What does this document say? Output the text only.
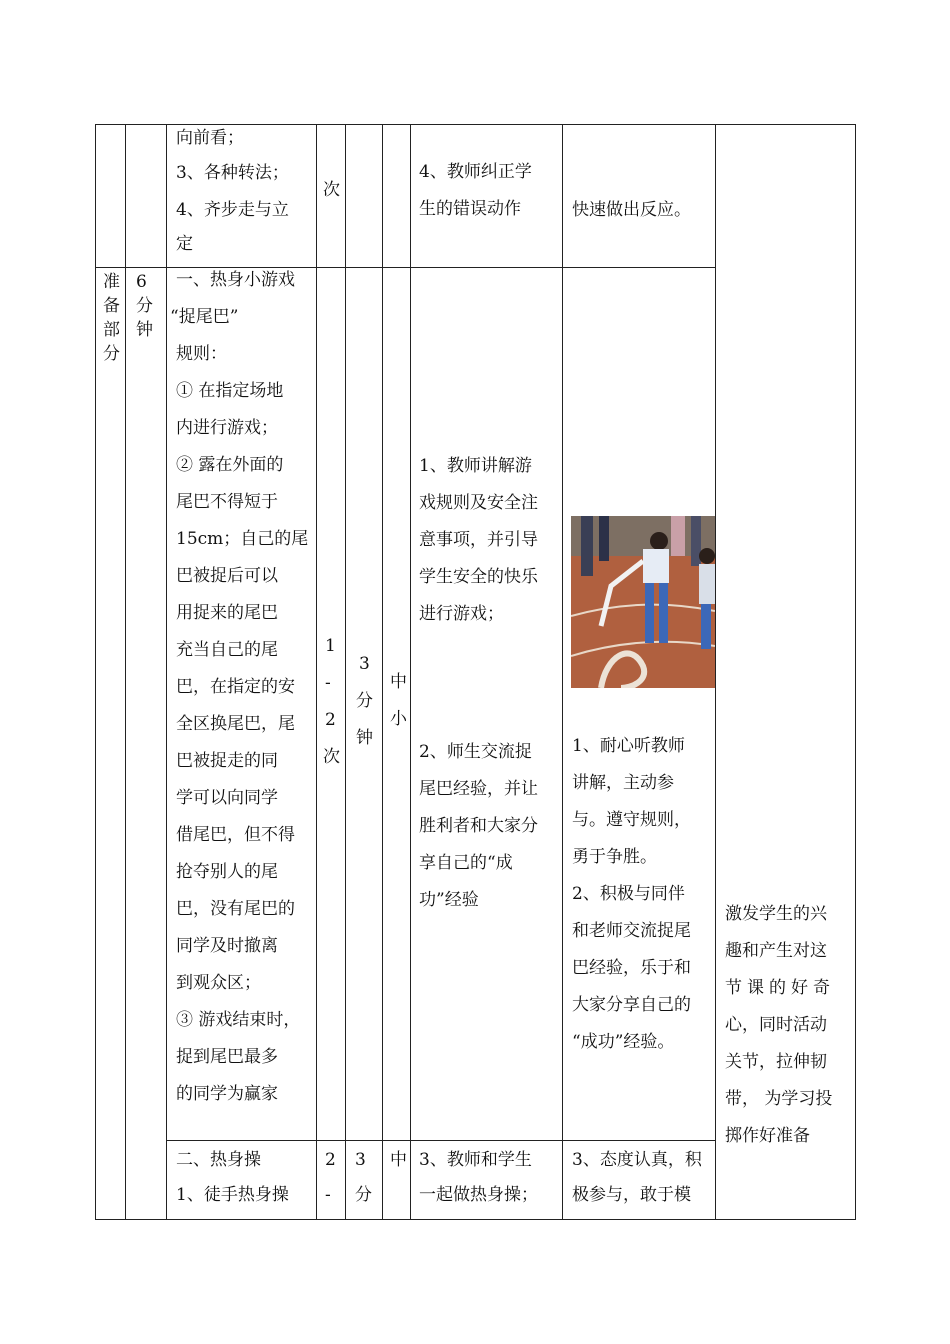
向前看；

3、各种转法；

4、齐步走与立

定

次

4、教师纠正学

生的错误动作	快速做出反应。

准

备

部

分

6

分

钟

一、热身小游戏

“捉尾巴”

规则：

① 在指定场地

内进行游戏；

② 露在外面的

尾巴不得短于

15cm；自己的尾

巴被捉后可以

用捉来的尾巴

充当自己的尾

巴，在指定的安

全区换尾巴，尾

巴被捉走的同

学可以向同学

借尾巴，但不得

抢夺别人的尾

巴，没有尾巴的

同学及时撤离

到观众区；

③ 游戏结束时，

捉到尾巴最多

的同学为赢家

1

-

2

次

3

分

钟

中

小

1、教师讲解游

戏规则及安全注

意事项，并引导

学生安全的快乐

进行游戏；

2、师生交流捉

尾巴经验，并让

胜利者和大家分

享自己的“成

功”经验

1、耐心听教师

讲解，主动参

与。遵守规则，

勇于争胜。

2、积极与同伴

和老师交流捉尾

巴经验，乐于和

大家分享自己的

“成功”经验。

激发学生的兴

趣和产生对这

节课的好奇

心，同时活动

关节，拉伸韧

带， 为学习投

掷作好准备

二、热身操

1、徒手热身操

2

-

3

分

中 3、教师和学生

一起做热身操；

3、态度认真，积

极参与，敢于模
